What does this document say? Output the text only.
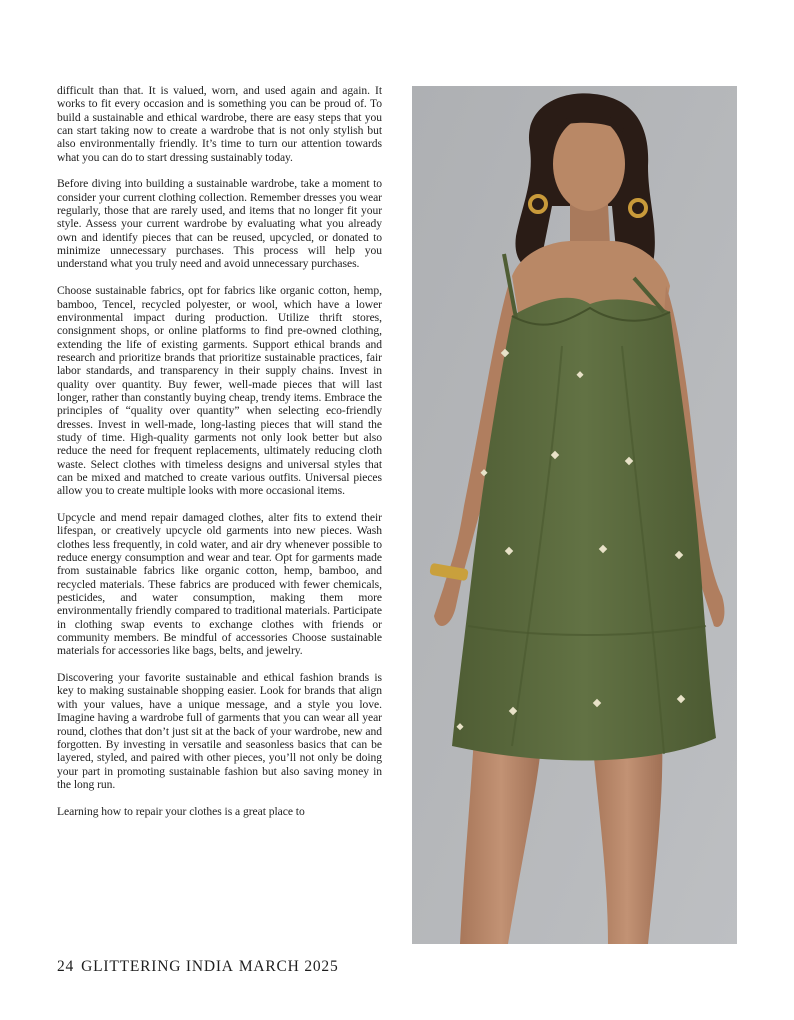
difficult than that. It is valued, worn, and used again and again. It works to fit every occasion and is something you can be proud of. To build a sustainable and ethical wardrobe, there are easy steps that you can start taking now to create a wardrobe that is not only stylish but also environmentally friendly. It’s time to turn our attention towards what you can do to start dressing sustainably today.

Before diving into building a sustainable wardrobe, take a moment to consider your current clothing collection. Remember dresses you wear regularly, those that are rarely used, and items that no longer fit your style. Assess your current wardrobe by evaluating what you already own and identify pieces that can be reused, upcycled, or donated to minimize unnecessary purchases. This process will help you understand what you truly need and avoid unnecessary purchases.

Choose sustainable fabrics, opt for fabrics like organic cotton, hemp, bamboo, Tencel, recycled polyester, or wool, which have a lower environmental impact during production. Utilize thrift stores, consignment shops, or online platforms to find pre-owned clothing, extending the life of existing garments. Support ethical brands and research and prioritize brands that prioritize sustainable practices, fair labor standards, and transparency in their supply chains. Invest in quality over quantity. Buy fewer, well-made pieces that will last longer, rather than constantly buying cheap, trendy items. Embrace the principles of “quality over quantity” when selecting eco-friendly dresses. Invest in well-made, long-lasting pieces that will stand the study of time. High-quality garments not only look better but also reduce the need for frequent replacements, ultimately reducing cloth waste. Select clothes with timeless designs and universal styles that can be mixed and matched to create various outfits. Universal pieces allow you to create multiple looks with more occasional items.

Upcycle and mend repair damaged clothes, alter fits to extend their lifespan, or creatively upcycle old garments into new pieces. Wash clothes less frequently, in cold water, and air dry whenever possible to reduce energy consumption and wear and tear. Opt for garments made from sustainable fabrics like organic cotton, hemp, bamboo, and recycled materials. These fabrics are produced with fewer chemicals, pesticides, and water consumption, making them more environmentally friendly compared to traditional materials. Participate in clothing swap events to exchange clothes with friends or community members. Be mindful of accessories Choose sustainable materials for accessories like bags, belts, and jewelry.

Discovering your favorite sustainable and ethical fashion brands is key to making sustainable shopping easier. Look for brands that align with your values, have a unique message, and a style you love. Imagine having a wardrobe full of garments that you can wear all year round, clothes that don’t just sit at the back of your wardrobe, new and forgotten. By investing in versatile and seasonless basics that can be layered, styled, and paired with other pieces, you’ll not only be doing your part in promoting sustainable fashion but also saving money in the long run.

Learning how to repair your clothes is a great place to

24 GLITTERING INDIA MARCH 2025
